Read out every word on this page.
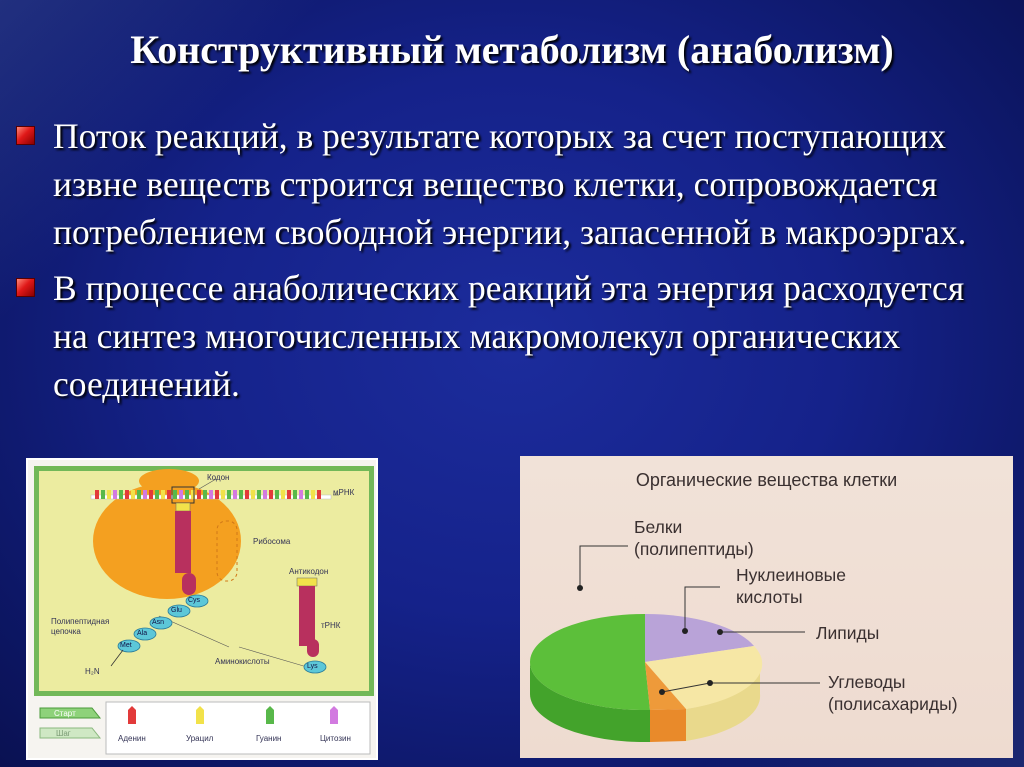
Конструктивный метаболизм (анаболизм)
Поток реакций, в результате которых за счет поступающих извне веществ строится вещество клетки, сопровождается потреблением свободной энергии, запасенной в макроэргах.
В процессе анаболических реакций эта энергия расходуется на синтез многочисленных макромолекул органических соединений.
Кодон
мРНК
Рибосома
Антикодон
тРНК
Полипептидная
цепочка
Аминокислоты
H₂N
Cys
Glu
Asn
Ala
Met
Lys
Старт
Шаг
Аденин	Урацил	Гуанин	Цитозин
Органические вещества клетки
Белки
(полипептиды)
Нуклеиновые
кислоты
Липиды
Углеводы
(полисахариды)
